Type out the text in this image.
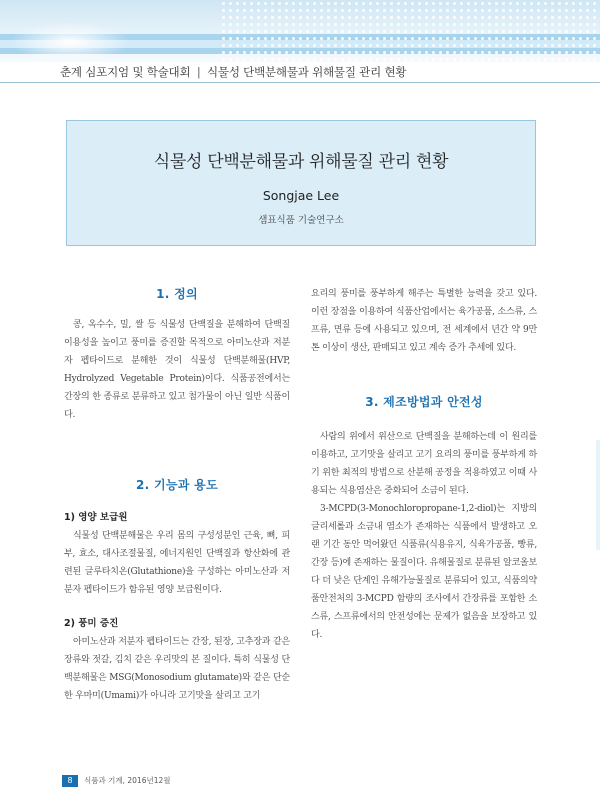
춘계 심포지엄 및 학술대회 | 식물성 단백분해물과 위해물질 관리 현황
식물성 단백분해물과 위해물질 관리 현황
Songjae Lee
샘표식품 기술연구소
1. 정의

콩, 옥수수, 밀, 쌀 등 식물성 단백질을 분해하여 단백질 이용성을 높이고 풍미를 증진할 목적으로 아미노산과 저분자 펩타이드로 분해한 것이 식물성 단백분해물(HVP, Hydrolyzed Vegetable Protein)이다. 식품공전에서는 간장의 한 종류로 분류하고 있고 첨가물이 아닌 일반 식품이다.

2. 기능과 용도
1) 영양 보급원

식물성 단백분해물은 우리 몸의 구성성분인 근육, 뼈, 피부, 효소, 대사조절물질, 에너지원인 단백질과 항산화에 관련된 글루타치온(Glutathione)을 구성하는 아미노산과 저분자 펩타이드가 함유된 영양 보급원이다.

2) 풍미 증진

아미노산과 저분자 펩타이드는 간장, 된장, 고추장과 같은 장류와 젓갈, 김치 같은 우리맛의 본 질이다. 특히 식물성 단백분해물은 MSG(Monosodium glutamate)와 같은 단순한 우마미(Umami)가 아니라 고기맛을 살리고 고기

요리의 풍미를 풍부하게 해주는 특별한 능력을 갖고 있다. 이런 장점을 이용하여 식품산업에서는 육가공품, 소스류, 스프류, 면류 등에 사용되고 있으며, 전 세계에서 년간 약 9만 톤 이상이 생산, 판매되고 있고 계속 증가 추세에 있다.

3. 제조방법과 안전성

사람의 위에서 위산으로 단백질을 분해하는데 이 원리를 이용하고, 고기맛을 살리고 고기 요리의 풍미를 풍부하게 하기 위한 최적의 방법으로 산분해 공정을 적용하였고 이때 사용되는 식용염산은 중화되어 소금이 된다.

3-MCPD(3-Monochloropropane-1,2-diol)는 지방의 글리세롤과 소금내 염소가 존재하는 식품에서 발생하고 오랜 기간 동안 먹어왔던 식품류(식용유지, 식육가공품, 빵류, 간장 등)에 존재하는 물질이다. 유해물질로 분류된 알코올보다 더 낮은 단계인 유해가능물질로 분류되어 있고, 식품의약품안전처의 3-MCPD 함량의 조사에서 간장류를 포함한 소스류, 스프류에서의 안전성에는 문제가 없음을 보장하고 있다.

8	식품과 기계, 2016년12월
